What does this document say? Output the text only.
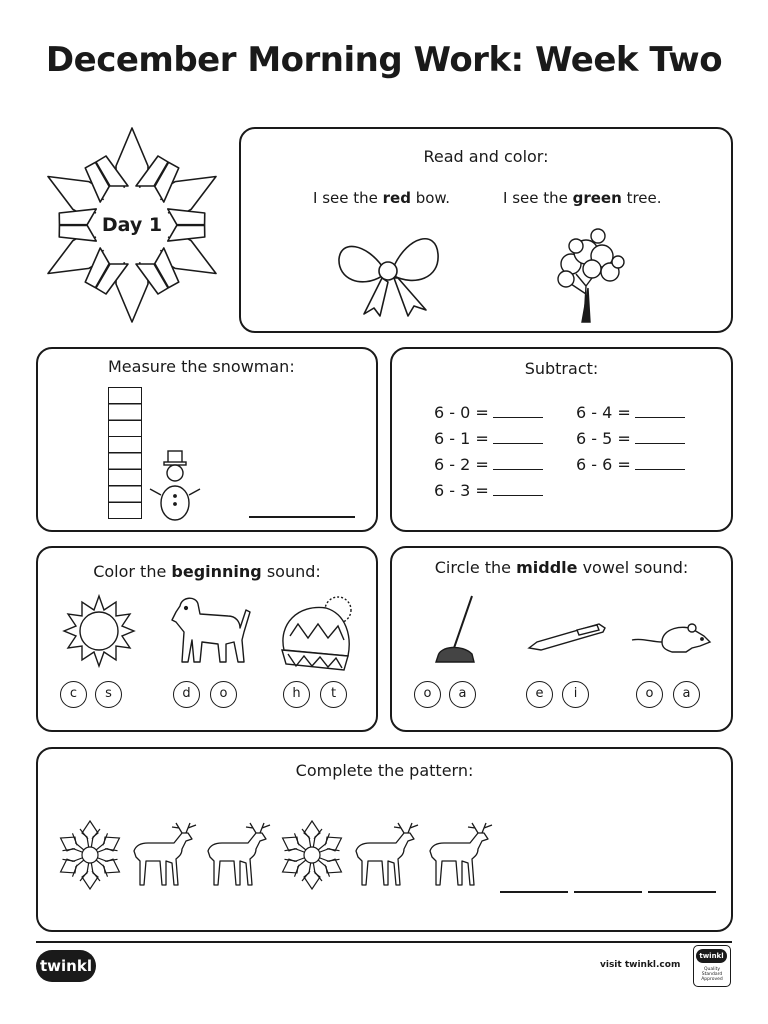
December Morning Work: Week Two
Day 1
Read and color:
I see the red bow.	I see the green tree.
Measure the snowman:	Subtract:
6 - 0 =
6 - 1 =
6 - 2 =
6 - 3 =
6 - 4 =
6 - 5 =
6 - 6 =
Color the beginning sound:
c	s	d	o	h	t
Circle the middle vowel sound:
o	a	e	i	o	a
Complete the pattern:
twinkl	visit twinkl.com
twinkl
Quality Standard Approved
